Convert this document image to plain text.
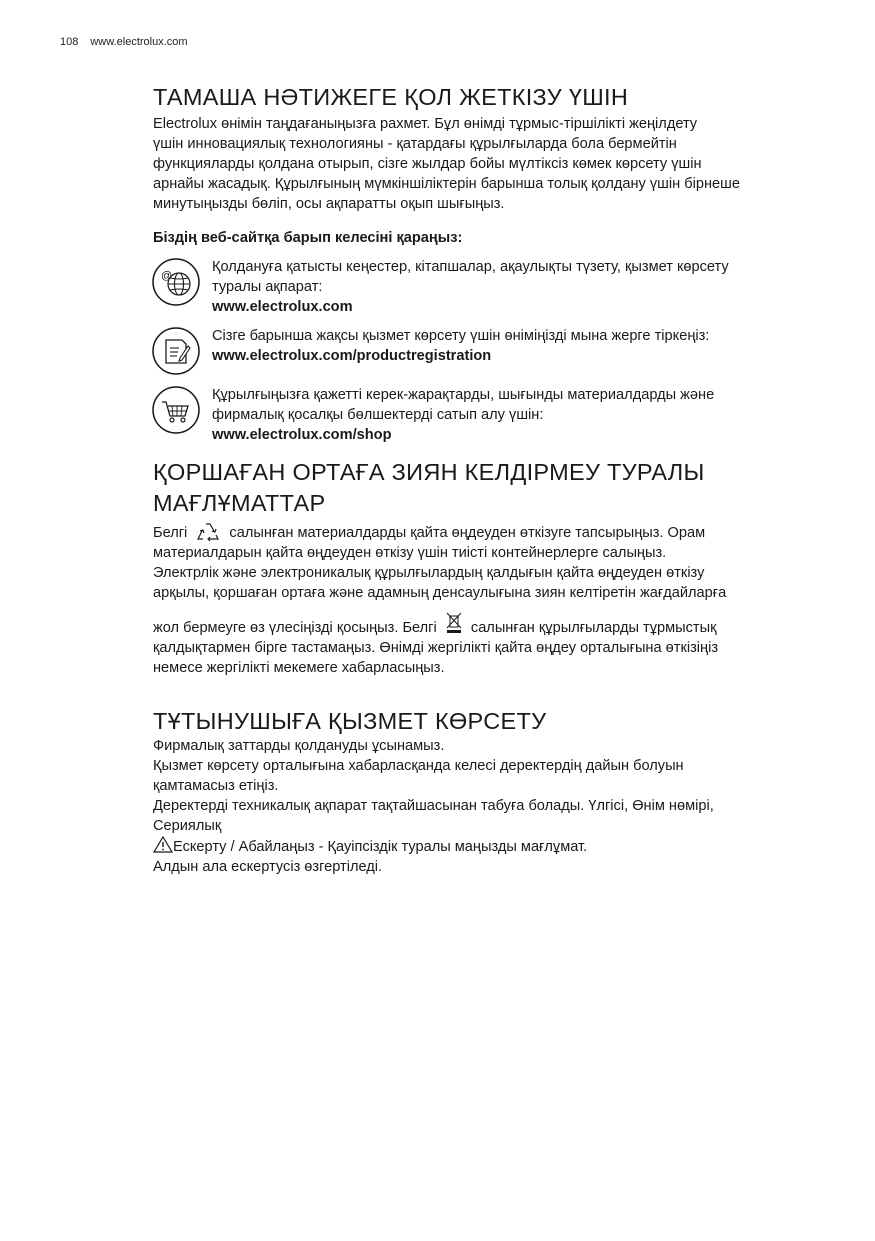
108 www.electrolux.com
ТАМАША НӘТИЖЕГЕ ҚОЛ ЖЕТКІЗУ ҮШІН

Electrolux өнімін таңдағаныңызға рахмет. Бұл өнімді тұрмыс-тіршілікті жеңілдету

үшін инновациялық технологияны - қатардағы құрылғыларда бола бермейтін

функцияларды қолдана отырып, сізге жылдар бойы мүлтіксіз көмек көрсету үшін

арнайы жасадық. Құрылғының мүмкіншіліктерін барынша толық қолдану үшін бірнеше

минутыңызды бөліп, осы ақпаратты оқып шығыңыз.

Біздің веб-сайтқа барып келесіні қараңыз:

@

Қолдануға қатысты кеңестер, кітапшалар, ақаулықты түзету, қызмет көрсету

туралы ақпарат:

www.electrolux.com

Сізге барынша жақсы қызмет көрсету үшін өніміңізді мына жерге тіркеңіз:

www.electrolux.com/productregistration

Құрылғыңызға қажетті керек-жарақтарды, шығынды материалдарды және

фирмалық қосалқы бөлшектерді сатып алу үшін:

www.electrolux.com/shop

ҚОРШАҒАН ОРТАҒА ЗИЯН КЕЛДІРМЕУ ТУРАЛЫ
МАҒЛҰМАТТАР

Белгі	салынған материалдарды қайта өңдеуден өткізуге тапсырыңыз. Орам

материалдарын қайта өңдеуден өткізу үшін тиісті контейнерлерге салыңыз.

Электрлік және электроникалық құрылғылардың қалдығын қайта өңдеуден өткізу

арқылы, қоршаған ортаға және адамның денсаулығына зиян келтіретін жағдайларға

жол бермеуге өз үлесіңізді қосыңыз. Белгі салынған құрылғыларды тұрмыстық

қалдықтармен бірге тастамаңыз. Өнімді жергілікті қайта өңдеу орталығына өткізіңіз

немесе жергілікті мекемеге хабарласыңыз.

ТҰТЫНУШЫҒА ҚЫЗМЕТ КӨРСЕТУ

Фирмалық заттарды қолдануды ұсынамыз.

Қызмет көрсету орталығына хабарласқанда келесі деректердің дайын болуын

қамтамасыз етіңіз.

Деректерді техникалық ақпарат тақтайшасынан табуға болады. Үлгісі, Өнім нөмірі,

Сериялық

Ескерту / Абайлаңыз - Қауіпсіздік туралы маңызды мағлұмат.

Алдын ала ескертусіз өзгертіледі.
